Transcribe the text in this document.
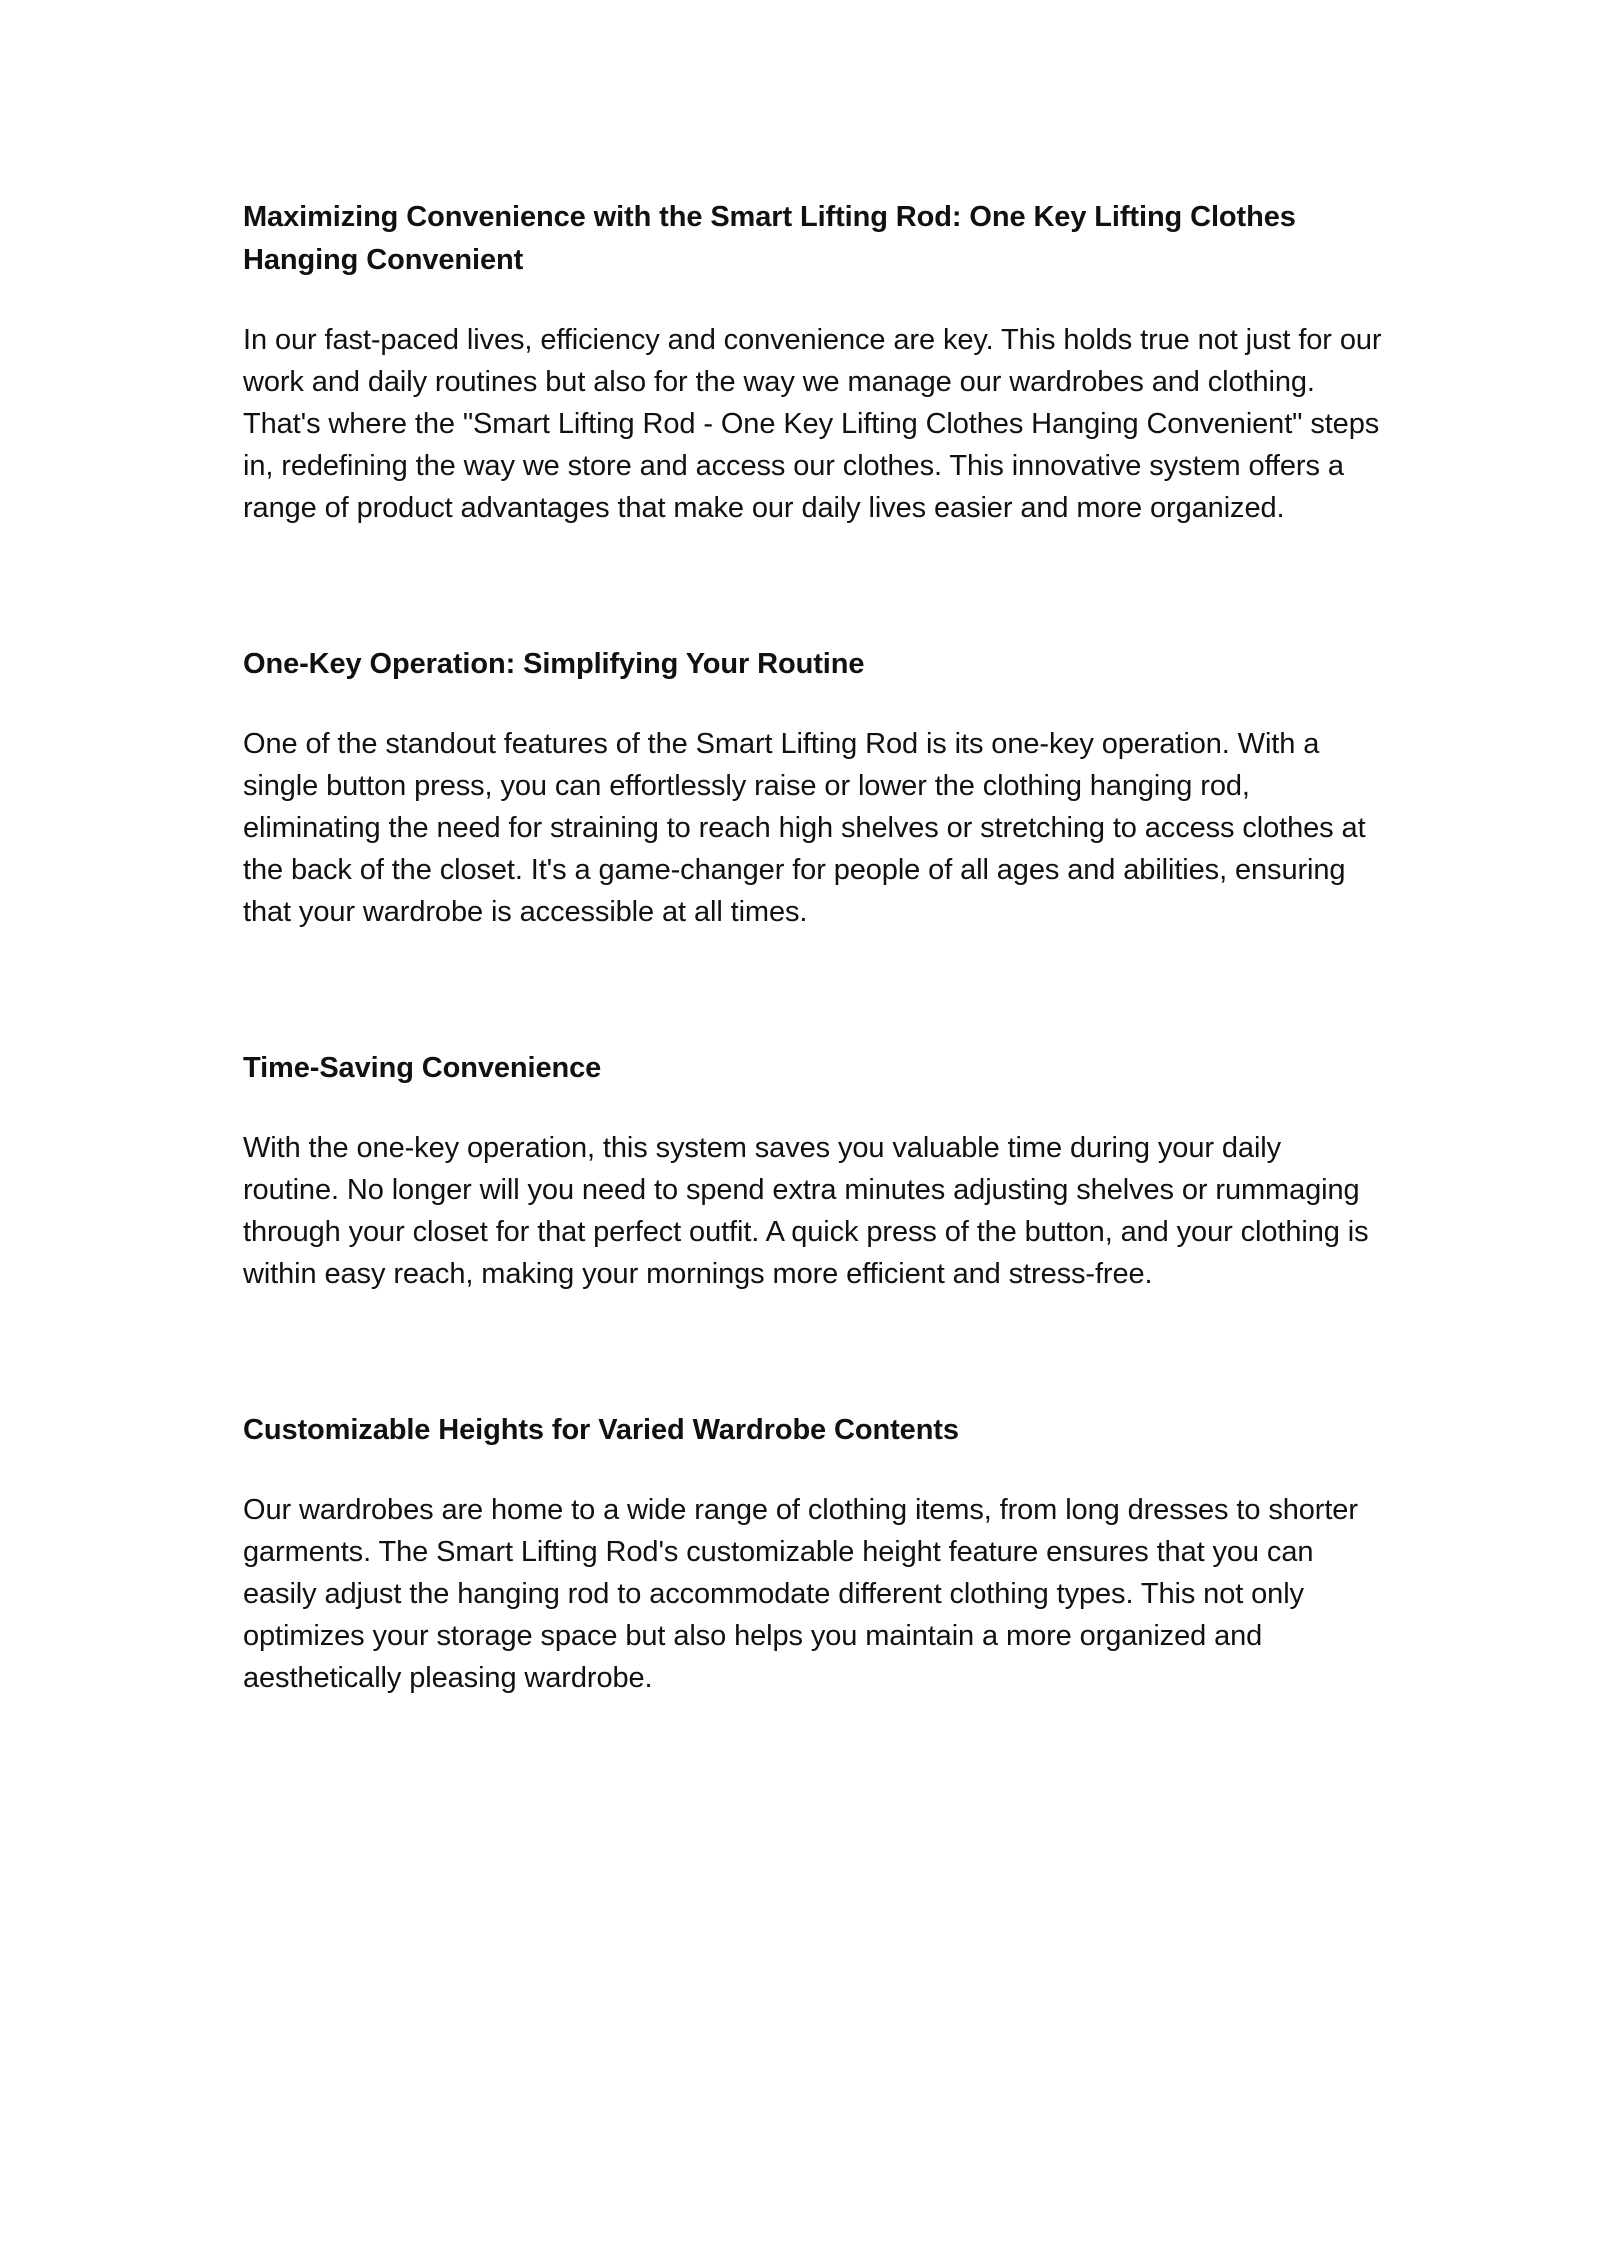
Maximizing Convenience with the Smart Lifting Rod: One Key Lifting Clothes Hanging Convenient

In our fast-paced lives, efficiency and convenience are key. This holds true not just for our work and daily routines but also for the way we manage our wardrobes and clothing. That's where the "Smart Lifting Rod - One Key Lifting Clothes Hanging Convenient" steps in, redefining the way we store and access our clothes. This innovative system offers a range of product advantages that make our daily lives easier and more organized.

One-Key Operation: Simplifying Your Routine

One of the standout features of the Smart Lifting Rod is its one-key operation. With a single button press, you can effortlessly raise or lower the clothing hanging rod, eliminating the need for straining to reach high shelves or stretching to access clothes at the back of the closet. It's a game-changer for people of all ages and abilities, ensuring that your wardrobe is accessible at all times.

Time-Saving Convenience

With the one-key operation, this system saves you valuable time during your daily routine. No longer will you need to spend extra minutes adjusting shelves or rummaging through your closet for that perfect outfit. A quick press of the button, and your clothing is within easy reach, making your mornings more efficient and stress-free.

Customizable Heights for Varied Wardrobe Contents

Our wardrobes are home to a wide range of clothing items, from long dresses to shorter garments. The Smart Lifting Rod's customizable height feature ensures that you can easily adjust the hanging rod to accommodate different clothing types. This not only optimizes your storage space but also helps you maintain a more organized and aesthetically pleasing wardrobe.
